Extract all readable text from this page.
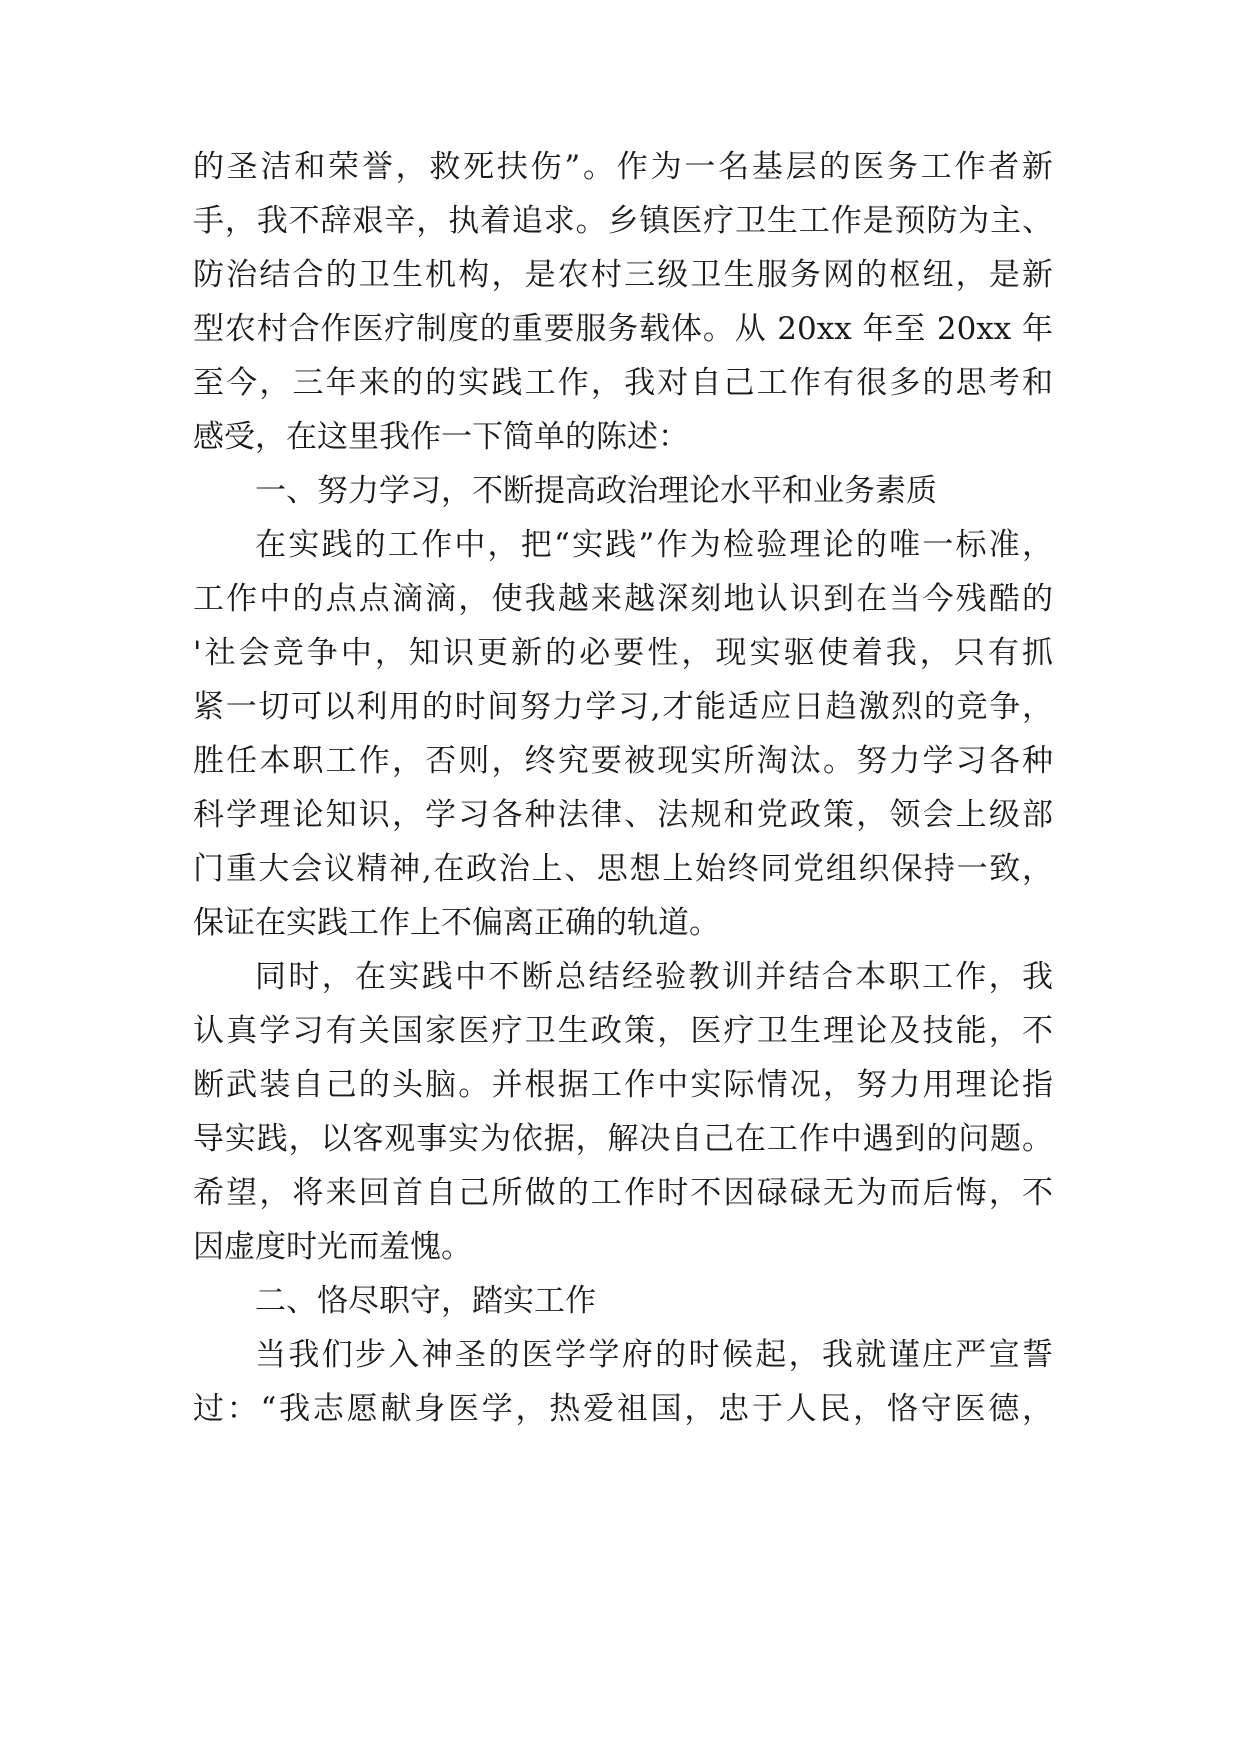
的圣洁和荣誉，救死扶伤”。作为一名基层的医务工作者新
手，我不辞艰辛，执着追求。乡镇医疗卫生工作是预防为主、
防治结合的卫生机构，是农村三级卫生服务网的枢纽，是新
型农村合作医疗制度的重要服务载体。从 20xx 年至 20xx 年
至今，三年来的的实践工作，我对自己工作有很多的思考和
感受，在这里我作一下简单的陈述：
一、努力学习，不断提高政治理论水平和业务素质
在实践的工作中，把“实践”作为检验理论的唯一标准，
工作中的点点滴滴，使我越来越深刻地认识到在当今残酷的
'社会竞争中，知识更新的必要性，现实驱使着我，只有抓
紧一切可以利用的时间努力学习,才能适应日趋激烈的竞争，
胜任本职工作，否则，终究要被现实所淘汰。努力学习各种
科学理论知识，学习各种法律、法规和党政策，领会上级部
门重大会议精神,在政治上、思想上始终同党组织保持一致，
保证在实践工作上不偏离正确的轨道。
同时，在实践中不断总结经验教训并结合本职工作，我
认真学习有关国家医疗卫生政策，医疗卫生理论及技能，不
断武装自己的头脑。并根据工作中实际情况，努力用理论指
导实践，以客观事实为依据，解决自己在工作中遇到的问题。
希望，将来回首自己所做的工作时不因碌碌无为而后悔，不
因虚度时光而羞愧。
二、恪尽职守，踏实工作
当我们步入神圣的医学学府的时候起，我就谨庄严宣誓
过：“我志愿献身医学，热爱祖国，忠于人民，恪守医德，
